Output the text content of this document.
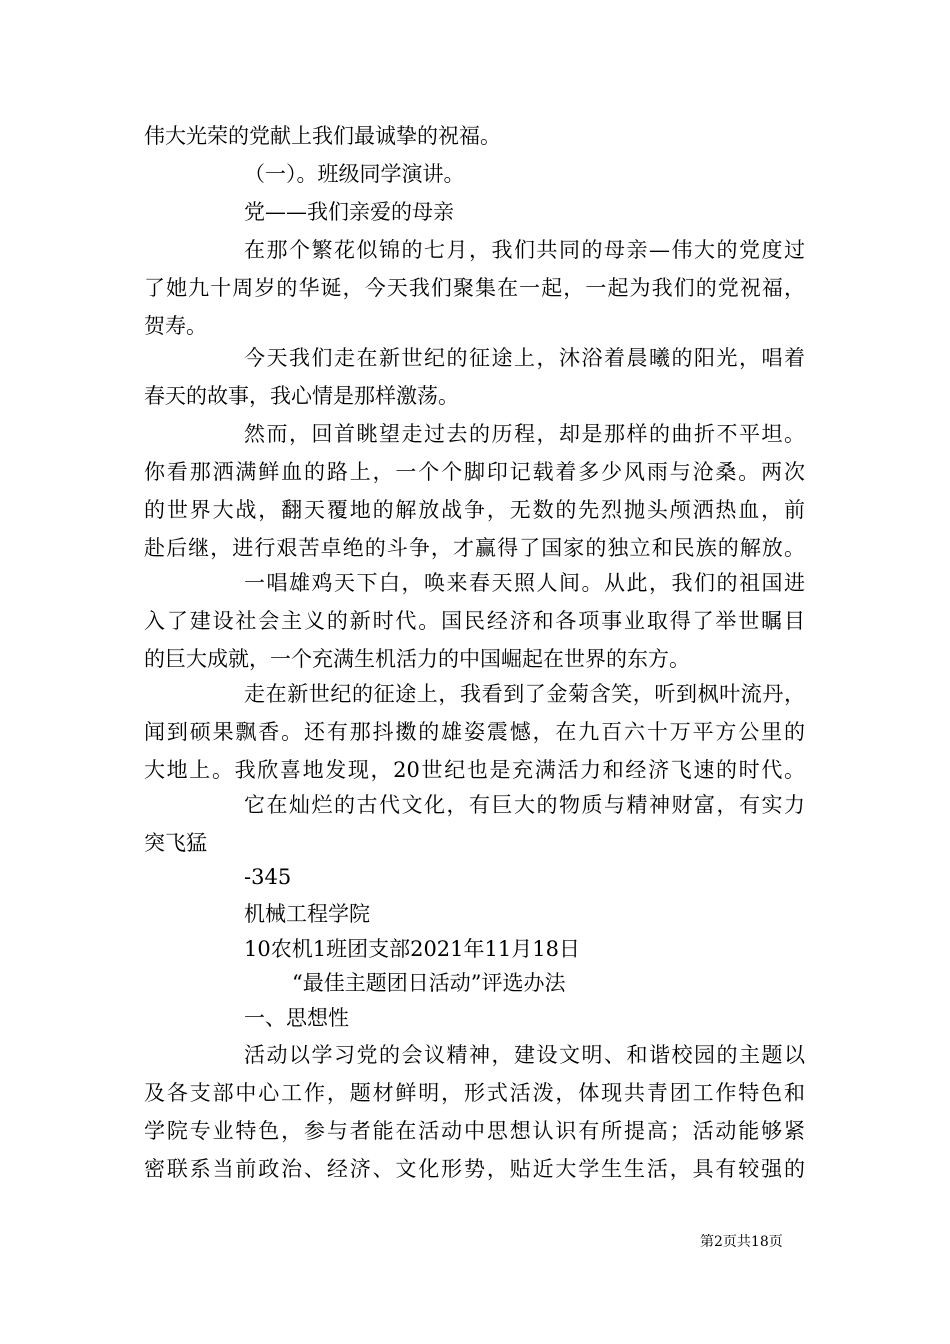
伟大光荣的党献上我们最诚挚的祝福。
（一）。班级同学演讲。
党——我们亲爱的母亲
在那个繁花似锦的七月，我们共同的母亲—伟大的党度过
了她九十周岁的华诞，今天我们聚集在一起，一起为我们的党祝福，
贺寿。
今天我们走在新世纪的征途上，沐浴着晨曦的阳光，唱着
春天的故事，我心情是那样激荡。
然而，回首眺望走过去的历程，却是那样的曲折不平坦。
你看那洒满鲜血的路上，一个个脚印记载着多少风雨与沧桑。两次
的世界大战，翻天覆地的解放战争，无数的先烈抛头颅洒热血，前
赴后继，进行艰苦卓绝的斗争，才赢得了国家的独立和民族的解放。
一唱雄鸡天下白，唤来春天照人间。从此，我们的祖国进
入了建设社会主义的新时代。国民经济和各项事业取得了举世瞩目
的巨大成就，一个充满生机活力的中国崛起在世界的东方。
走在新世纪的征途上，我看到了金菊含笑，听到枫叶流丹，
闻到硕果飘香。还有那抖擞的雄姿震憾，在九百六十万平方公里的
大地上。我欣喜地发现，20世纪也是充满活力和经济飞速的时代。
它在灿烂的古代文化，有巨大的物质与精神财富，有实力
突飞猛
-345
机械工程学院
10农机1班团支部2021年11月18日
“最佳主题团日活动”评选办法
一、思想性
活动以学习党的会议精神，建设文明、和谐校园的主题以
及各支部中心工作，题材鲜明，形式活泼，体现共青团工作特色和
学院专业特色，参与者能在活动中思想认识有所提高；活动能够紧
密联系当前政治、经济、文化形势，贴近大学生生活，具有较强的
第2页共18页
